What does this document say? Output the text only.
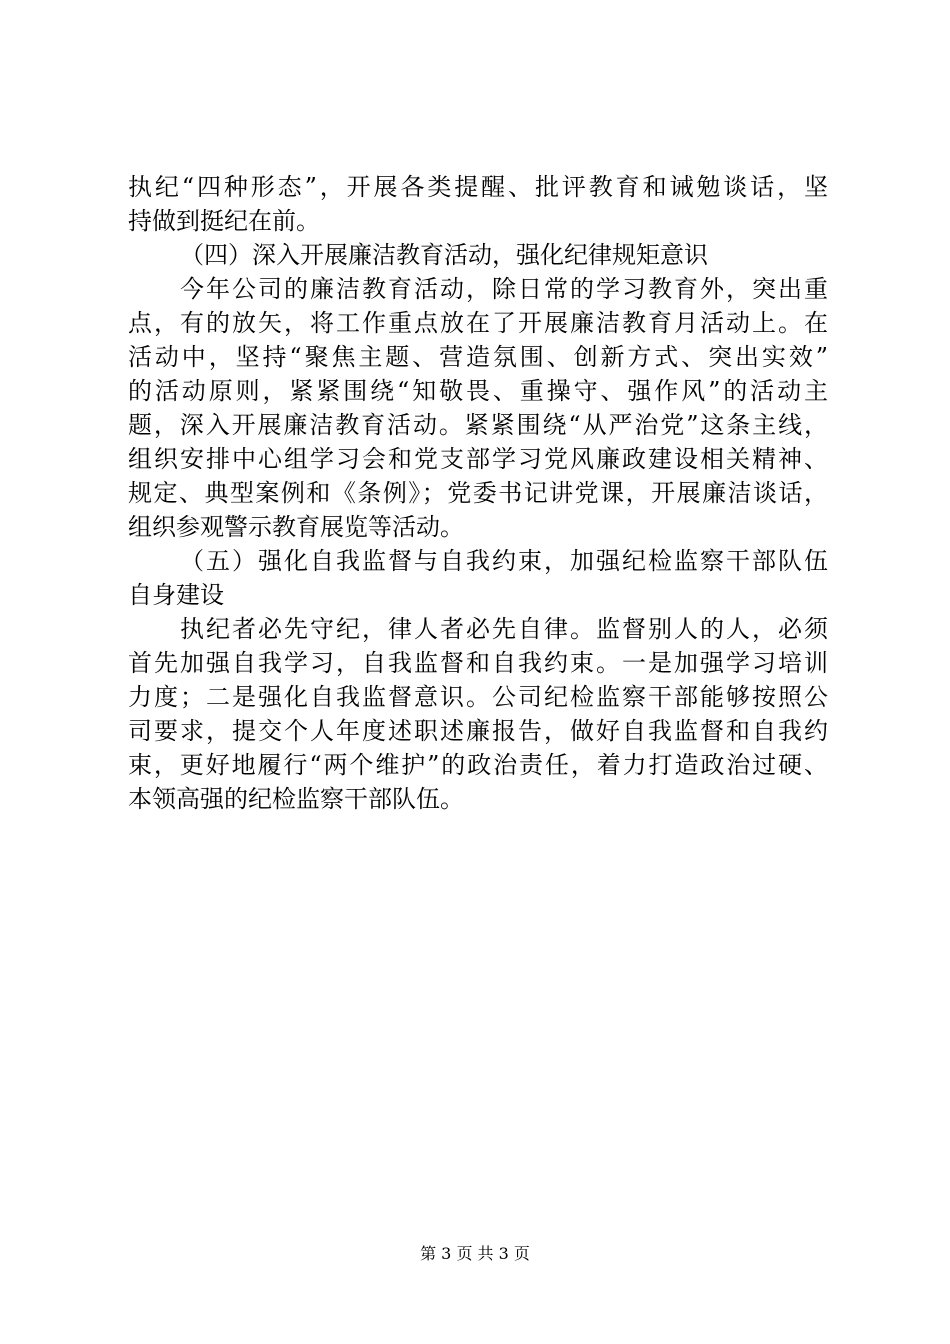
执纪“四种形态”，开展各类提醒、批评教育和诫勉谈话，坚
持做到挺纪在前。
（四）深入开展廉洁教育活动，强化纪律规矩意识
今年公司的廉洁教育活动，除日常的学习教育外，突出重
点，有的放矢，将工作重点放在了开展廉洁教育月活动上。在
活动中，坚持“聚焦主题、营造氛围、创新方式、突出实效”
的活动原则，紧紧围绕“知敬畏、重操守、强作风”的活动主
题，深入开展廉洁教育活动。紧紧围绕“从严治党”这条主线，
组织安排中心组学习会和党支部学习党风廉政建设相关精神、
规定、典型案例和《条例》；党委书记讲党课，开展廉洁谈话，
组织参观警示教育展览等活动。
（五）强化自我监督与自我约束，加强纪检监察干部队伍
自身建设
执纪者必先守纪，律人者必先自律。监督别人的人，必须
首先加强自我学习，自我监督和自我约束。一是加强学习培训
力度；二是强化自我监督意识。公司纪检监察干部能够按照公
司要求，提交个人年度述职述廉报告，做好自我监督和自我约
束，更好地履行“两个维护”的政治责任，着力打造政治过硬、
本领高强的纪检监察干部队伍。
第 3 页 共 3 页
